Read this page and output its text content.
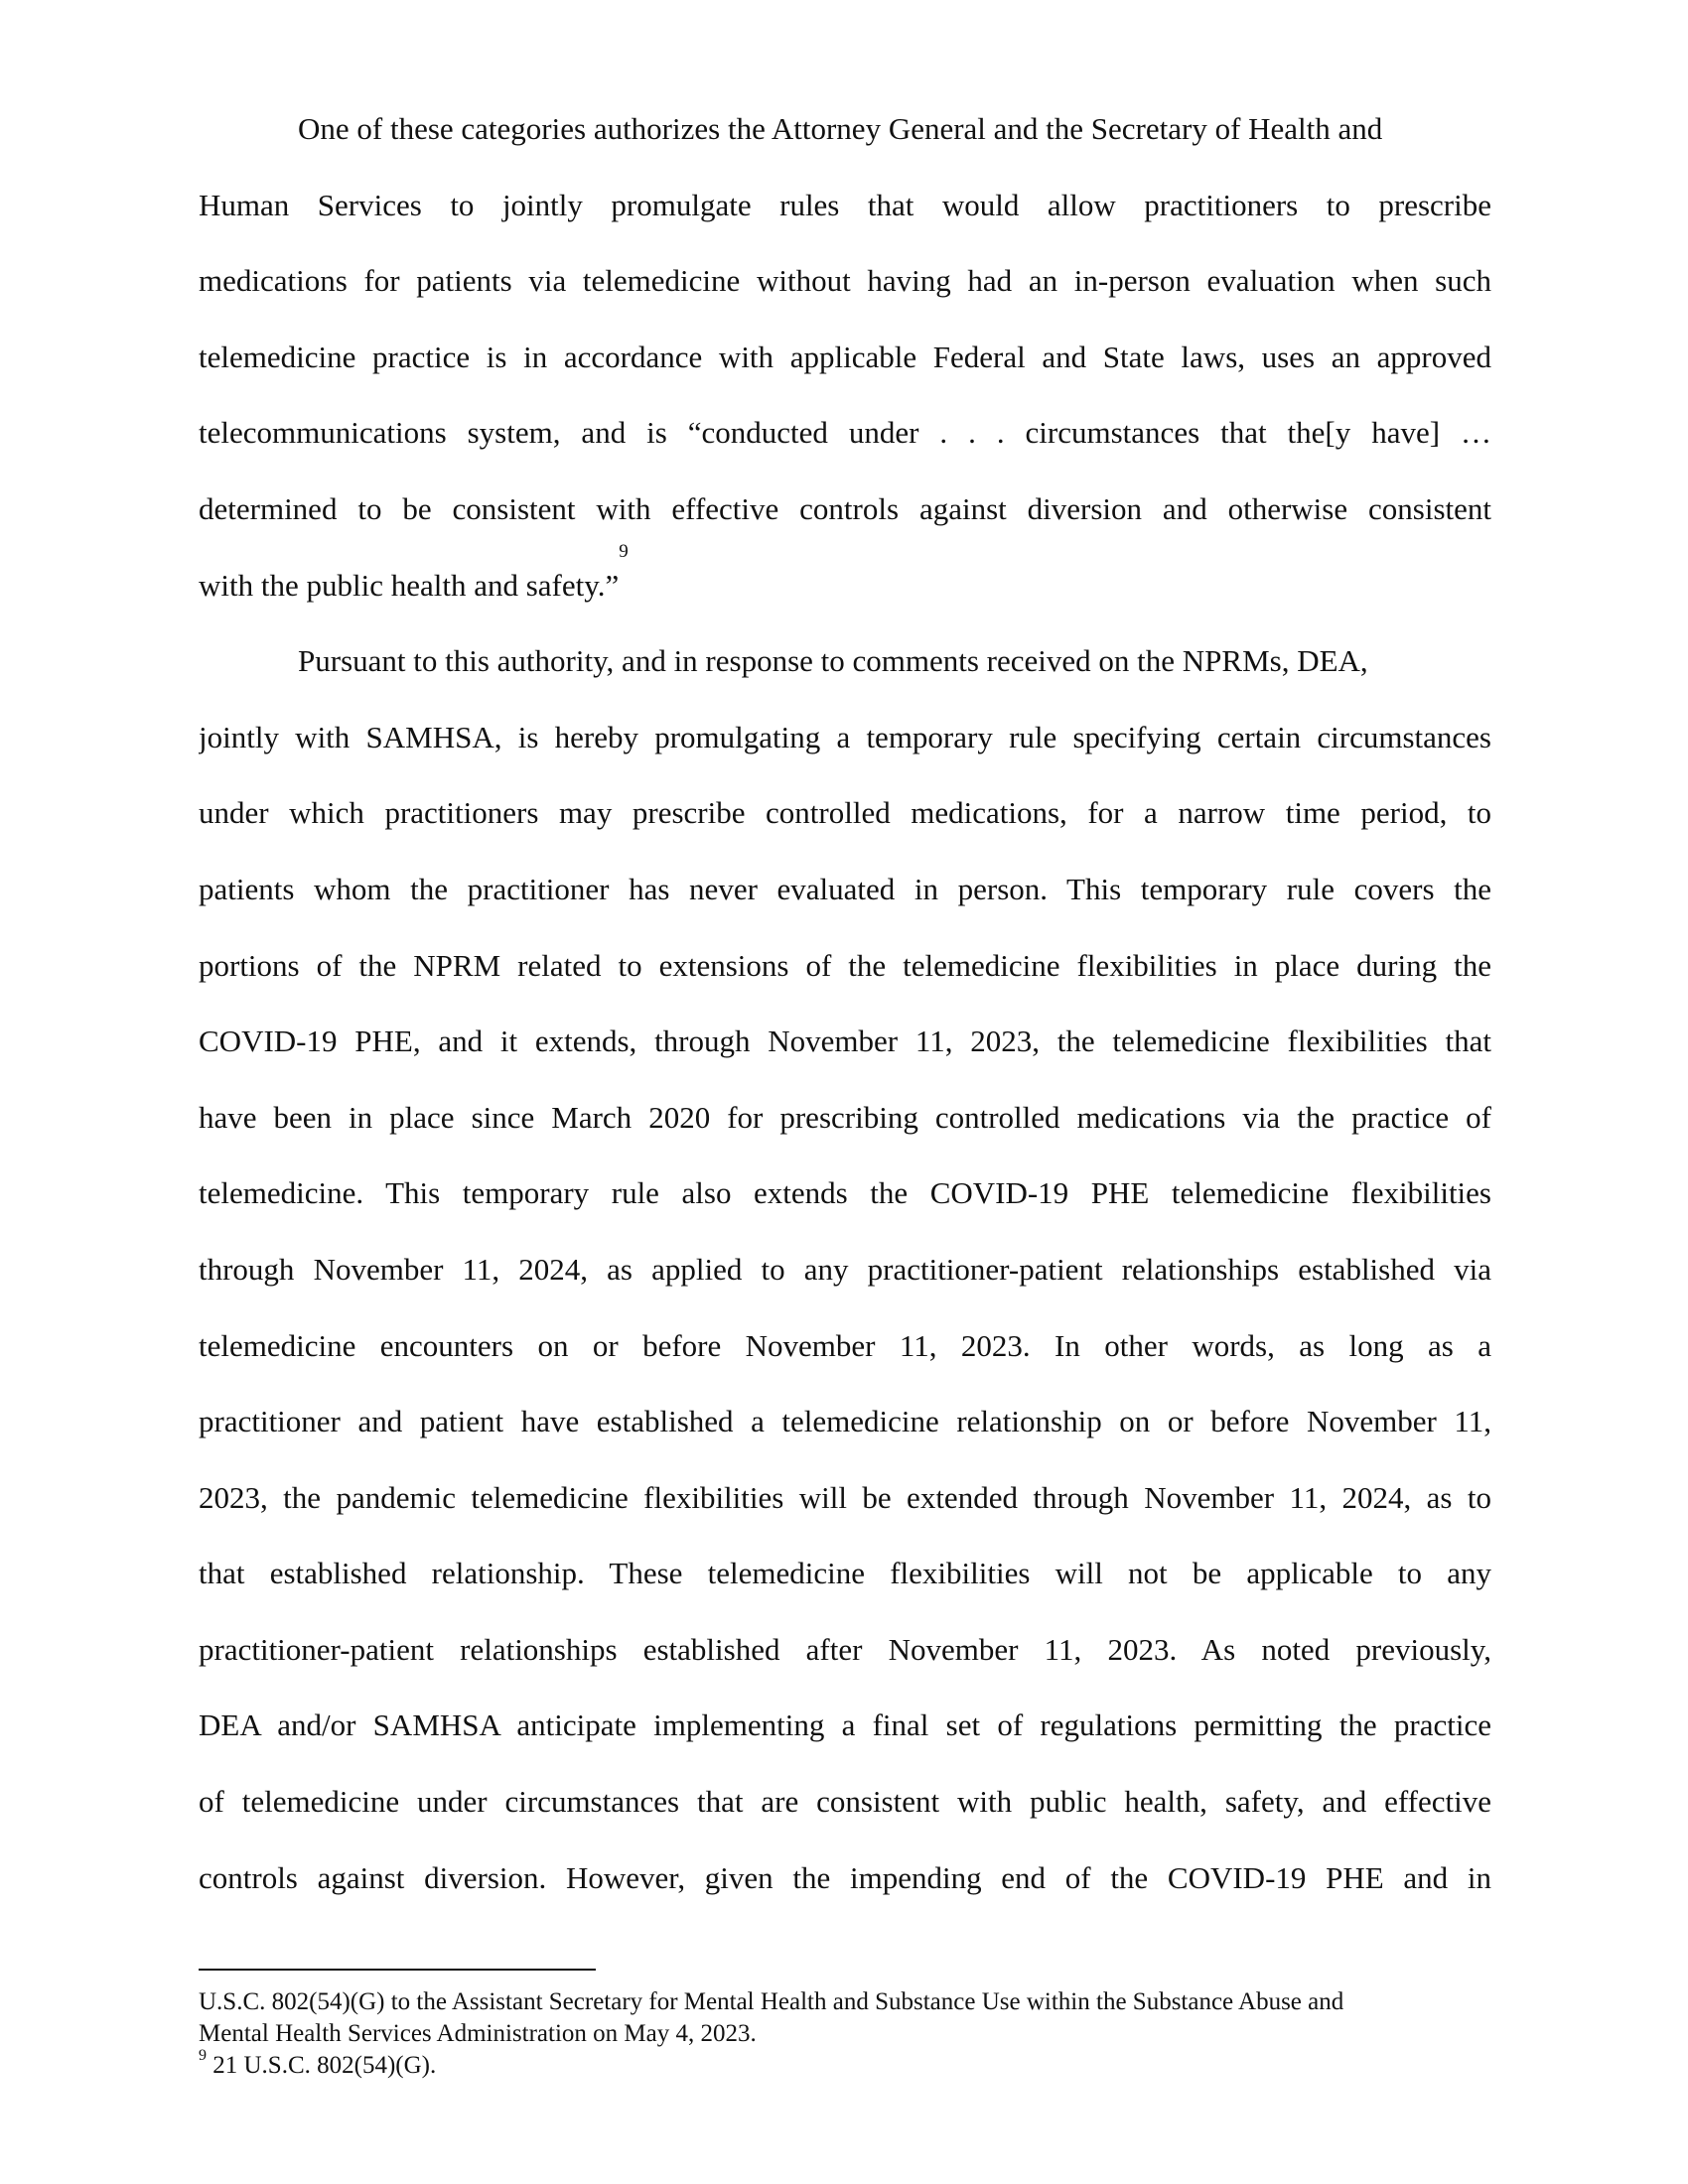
One of these categories authorizes the Attorney General and the Secretary of Health and
Human Services to jointly promulgate rules that would allow practitioners to prescribe
medications for patients via telemedicine without having had an in-person evaluation when such
telemedicine practice is in accordance with applicable Federal and State laws, uses an approved
telecommunications system, and is “conducted under . . . circumstances that the[y have] …
determined to be consistent with effective controls against diversion and otherwise consistent
with the public health and safety.”$^9$
Pursuant to this authority, and in response to comments received on the NPRMs, DEA,
jointly with SAMHSA, is hereby promulgating a temporary rule specifying certain circumstances
under which practitioners may prescribe controlled medications, for a narrow time period, to
patients whom the practitioner has never evaluated in person. This temporary rule covers the
portions of the NPRM related to extensions of the telemedicine flexibilities in place during the
COVID-19 PHE, and it extends, through November 11, 2023, the telemedicine flexibilities that
have been in place since March 2020 for prescribing controlled medications via the practice of
telemedicine. This temporary rule also extends the COVID-19 PHE telemedicine flexibilities
through November 11, 2024, as applied to any practitioner-patient relationships established via
telemedicine encounters on or before November 11, 2023. In other words, as long as a
practitioner and patient have established a telemedicine relationship on or before November 11,
2023, the pandemic telemedicine flexibilities will be extended through November 11, 2024, as to
that established relationship. These telemedicine flexibilities will not be applicable to any
practitioner-patient relationships established after November 11, 2023. As noted previously,
DEA and/or SAMHSA anticipate implementing a final set of regulations permitting the practice
of telemedicine under circumstances that are consistent with public health, safety, and effective
controls against diversion. However, given the impending end of the COVID-19 PHE and in
U.S.C. 802(54)(G) to the Assistant Secretary for Mental Health and Substance Use within the Substance Abuse and
Mental Health Services Administration on May 4, 2023.
$^9$ 21 U.S.C. 802(54)(G).
